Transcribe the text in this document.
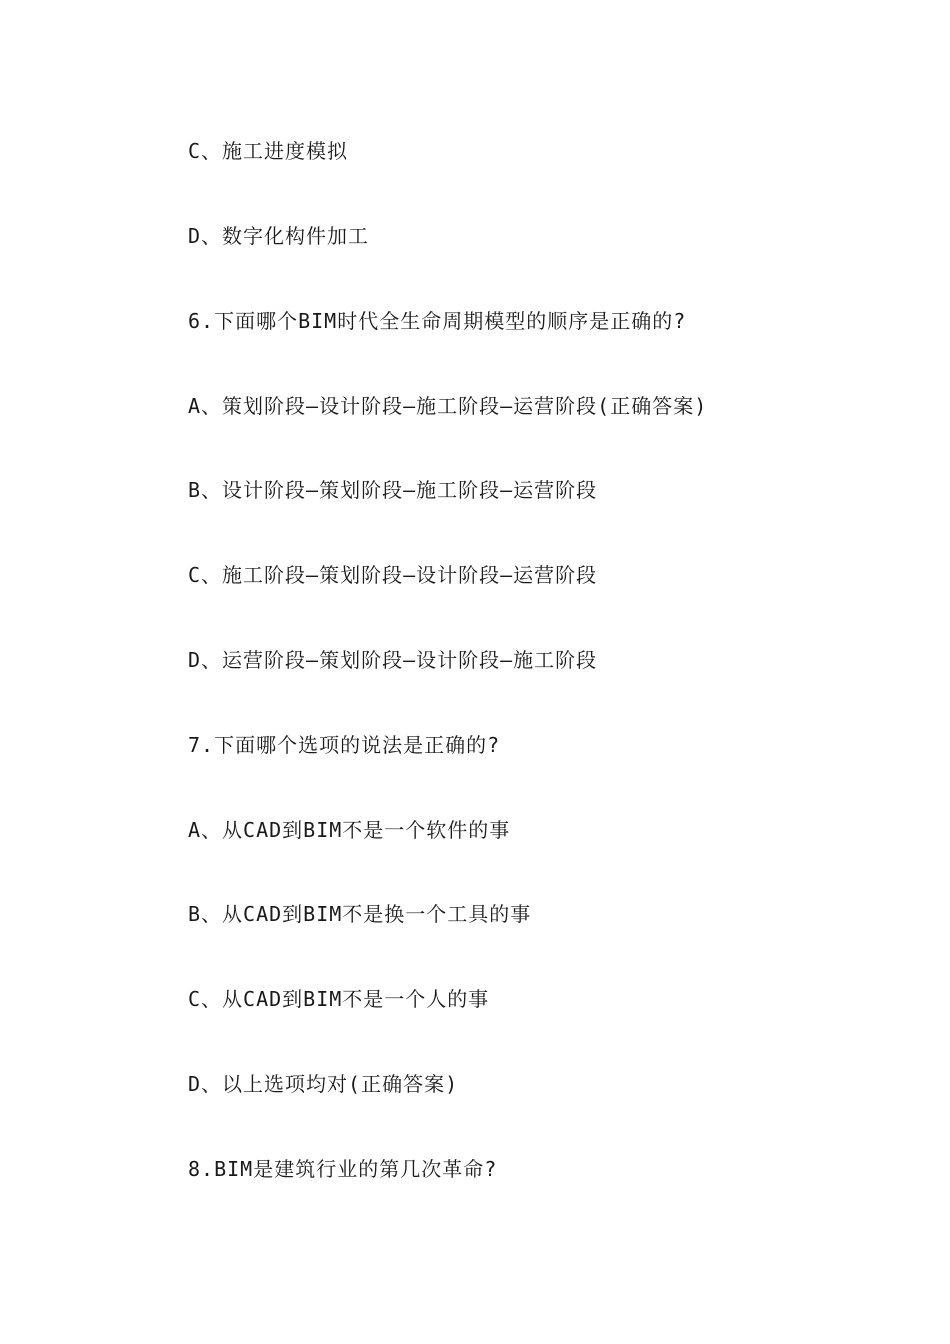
C、施工进度模拟
D、数字化构件加工
6.下面哪个BIM时代全生命周期模型的顺序是正确的?
A、策划阶段—设计阶段—施工阶段—运营阶段(正确答案)
B、设计阶段—策划阶段—施工阶段—运营阶段
C、施工阶段—策划阶段—设计阶段—运营阶段
D、运营阶段—策划阶段—设计阶段—施工阶段
7.下面哪个选项的说法是正确的?
A、从CAD到BIM不是一个软件的事
B、从CAD到BIM不是换一个工具的事
C、从CAD到BIM不是一个人的事
D、以上选项均对(正确答案)
8.BIM是建筑行业的第几次革命?
